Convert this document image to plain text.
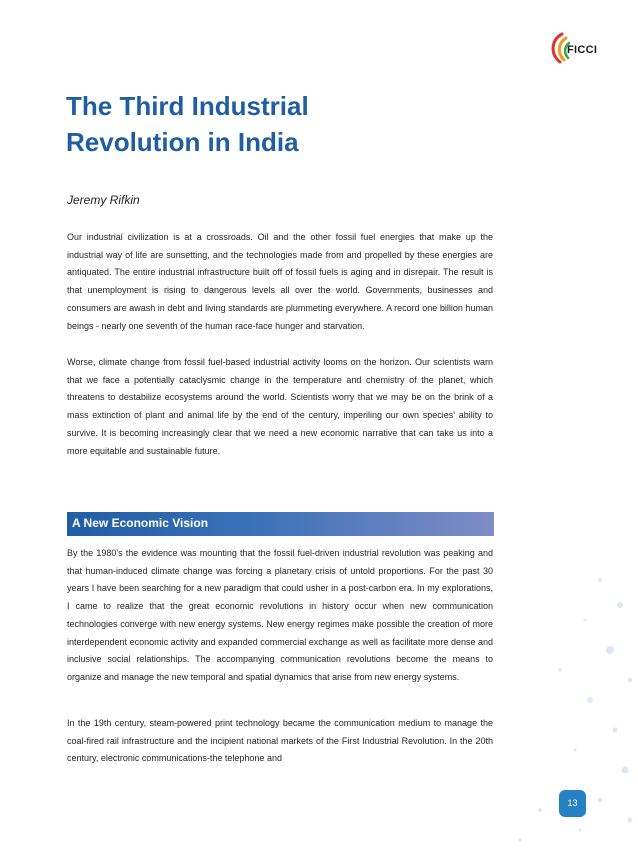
FICCI
The Third Industrial
Revolution in India
Jeremy Rifkin

Our industrial civilization is at a crossroads. Oil and the other fossil fuel energies that make up the industrial way of life are sunsetting, and the technologies made from and propelled by these energies are antiquated. The entire industrial infrastructure built off of fossil fuels is aging and in disrepair. The result is that unemployment is rising to dangerous levels all over the world. Governments, businesses and consumers are awash in debt and living standards are plummeting everywhere. A record one billion human beings - nearly one seventh of the human race-face hunger and starvation.

Worse, climate change from fossil fuel-based industrial activity looms on the horizon. Our scientists warn that we face a potentially cataclysmic change in the temperature and chemistry of the planet, which threatens to destabilize ecosystems around the world. Scientists worry that we may be on the brink of a mass extinction of plant and animal life by the end of the century, imperiling our own species' ability to survive. It is becoming increasingly clear that we need a new economic narrative that can take us into a more equitable and sustainable future.

A New Economic Vision

By the 1980's the evidence was mounting that the fossil fuel-driven industrial revolution was peaking and that human-induced climate change was forcing a planetary crisis of untold proportions. For the past 30 years I have been searching for a new paradigm that could usher in a post-carbon era. In my explorations, I came to realize that the great economic revolutions in history occur when new communication technologies converge with new energy systems. New energy regimes make possible the creation of more interdependent economic activity and expanded commercial exchange as well as facilitate more dense and inclusive social relationships. The accompanying communication revolutions become the means to organize and manage the new temporal and spatial dynamics that arise from new energy systems.

In the 19th century, steam-powered print technology became the communication medium to manage the coal-fired rail infrastructure and the incipient national markets of the First Industrial Revolution. In the 20th century, electronic communications-the telephone and

13
